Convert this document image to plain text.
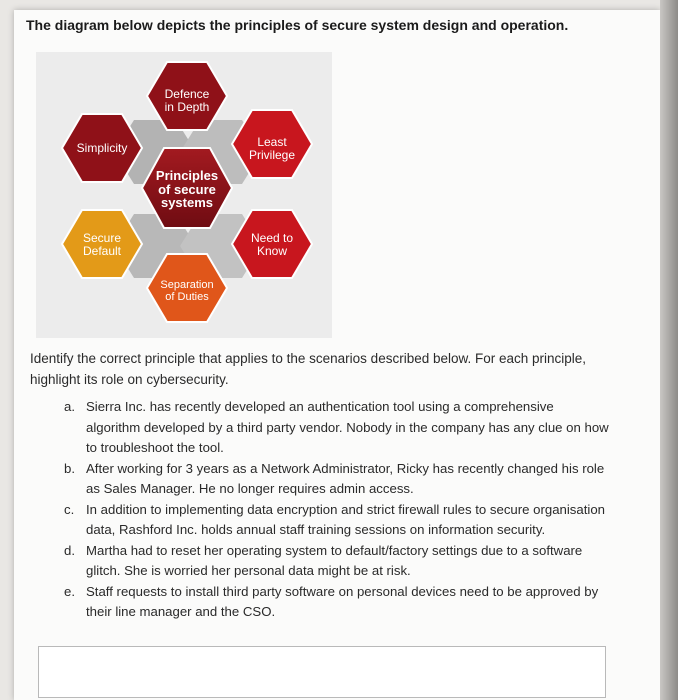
The diagram below depicts the principles of secure system design and operation.
Defence
in Depth
Least
Privilege
Need to
Know
Separation
of Duties
Secure
Default
Simplicity
Principles
of secure
systems
Identify the correct principle that applies to the scenarios described below. For each principle, highlight its role on cybersecurity.
a. Sierra Inc. has recently developed an authentication tool using a comprehensive algorithm developed by a third party vendor. Nobody in the company has any clue on how to troubleshoot the tool.
b. After working for 3 years as a Network Administrator, Ricky has recently changed his role as Sales Manager. He no longer requires admin access.
c. In addition to implementing data encryption and strict firewall rules to secure organisation data, Rashford Inc. holds annual staff training sessions on information security.
d. Martha had to reset her operating system to default/factory settings due to a software glitch. She is worried her personal data might be at risk.
e. Staff requests to install third party software on personal devices need to be approved by their line manager and the CSO.
